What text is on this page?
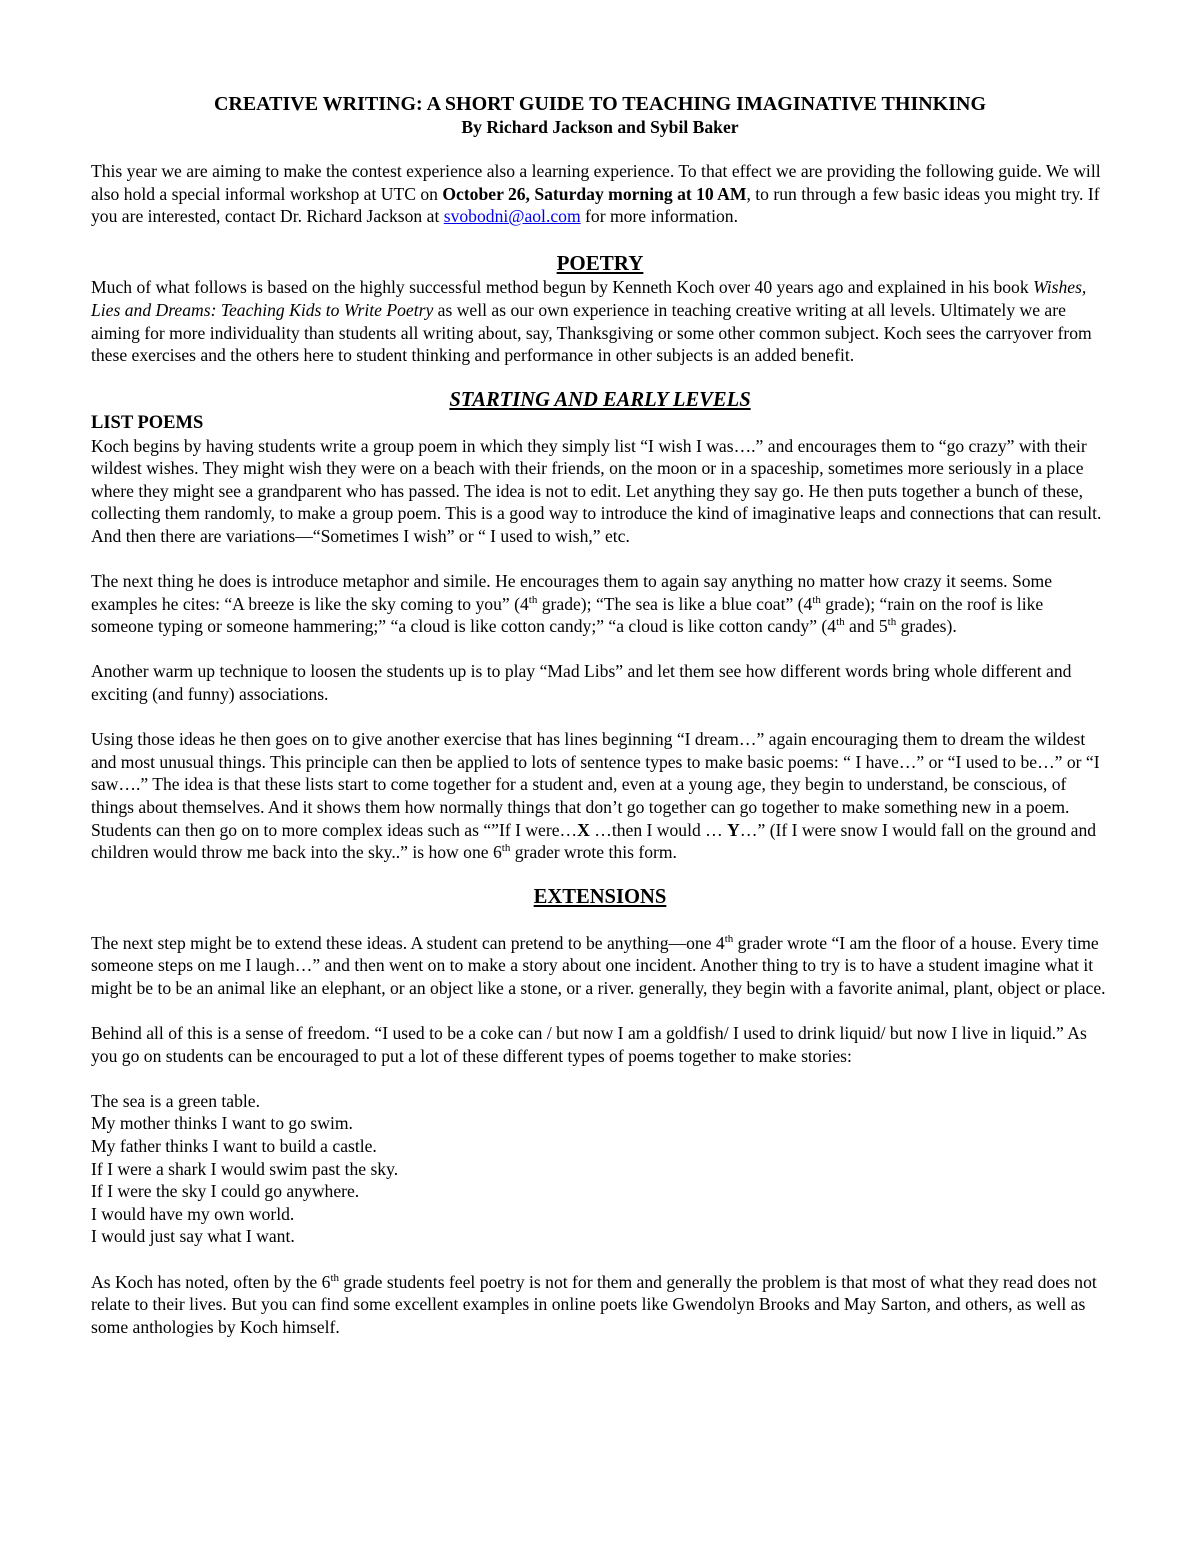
CREATIVE WRITING: A SHORT GUIDE TO TEACHING IMAGINATIVE THINKING
By Richard Jackson and Sybil Baker

This year we are aiming to make the contest experience also a learning experience. To that effect we are providing the following guide. We will also hold a special informal workshop at UTC on October 26, Saturday morning at 10 AM, to run through a few basic ideas you might try. If you are interested, contact Dr. Richard Jackson at svobodni@aol.com for more information.

POETRY

Much of what follows is based on the highly successful method begun by Kenneth Koch over 40 years ago and explained in his book Wishes, Lies and Dreams: Teaching Kids to Write Poetry as well as our own experience in teaching creative writing at all levels. Ultimately we are aiming for more individuality than students all writing about, say, Thanksgiving or some other common subject. Koch sees the carryover from these exercises and the others here to student thinking and performance in other subjects is an added benefit.

STARTING AND EARLY LEVELS
LIST POEMS

Koch begins by having students write a group poem in which they simply list “I wish I was….” and encourages them to “go crazy” with their wildest wishes. They might wish they were on a beach with their friends, on the moon or in a spaceship, sometimes more seriously in a place where they might see a grandparent who has passed. The idea is not to edit. Let anything they say go. He then puts together a bunch of these, collecting them randomly, to make a group poem. This is a good way to introduce the kind of imaginative leaps and connections that can result. And then there are variations—“Sometimes I wish” or “ I used to wish,” etc.

The next thing he does is introduce metaphor and simile. He encourages them to again say anything no matter how crazy it seems. Some examples he cites: “A breeze is like the sky coming to you” (4th grade); “The sea is like a blue coat” (4th grade); “rain on the roof is like someone typing or someone hammering;” “a cloud is like cotton candy;” “a cloud is like cotton candy” (4th and 5th grades).

Another warm up technique to loosen the students up is to play “Mad Libs” and let them see how different words bring whole different and exciting (and funny) associations.

Using those ideas he then goes on to give another exercise that has lines beginning “I dream…” again encouraging them to dream the wildest and most unusual things. This principle can then be applied to lots of sentence types to make basic poems: “ I have…” or “I used to be…” or “I saw….” The idea is that these lists start to come together for a student and, even at a young age, they begin to understand, be conscious, of things about themselves. And it shows them how normally things that don’t go together can go together to make something new in a poem. Students can then go on to more complex ideas such as “”If I were…X …then I would … Y…” (If I were snow I would fall on the ground and children would throw me back into the sky..” is how one 6th grader wrote this form.

EXTENSIONS

The next step might be to extend these ideas. A student can pretend to be anything—one 4th grader wrote “I am the floor of a house. Every time someone steps on me I laugh…” and then went on to make a story about one incident. Another thing to try is to have a student imagine what it might be to be an animal like an elephant, or an object like a stone, or a river. generally, they begin with a favorite animal, plant, object or place.

Behind all of this is a sense of freedom. “I used to be a coke can / but now I am a goldfish/ I used to drink liquid/ but now I live in liquid.” As you go on students can be encouraged to put a lot of these different types of poems together to make stories:

The sea is a green table.
My mother thinks I want to go swim.
My father thinks I want to build a castle.
If I were a shark I would swim past the sky.
If I were the sky I could go anywhere.
I would have my own world.
I would just say what I want.

As Koch has noted, often by the 6th grade students feel poetry is not for them and generally the problem is that most of what they read does not relate to their lives. But you can find some excellent examples in online poets like Gwendolyn Brooks and May Sarton, and others, as well as some anthologies by Koch himself.
